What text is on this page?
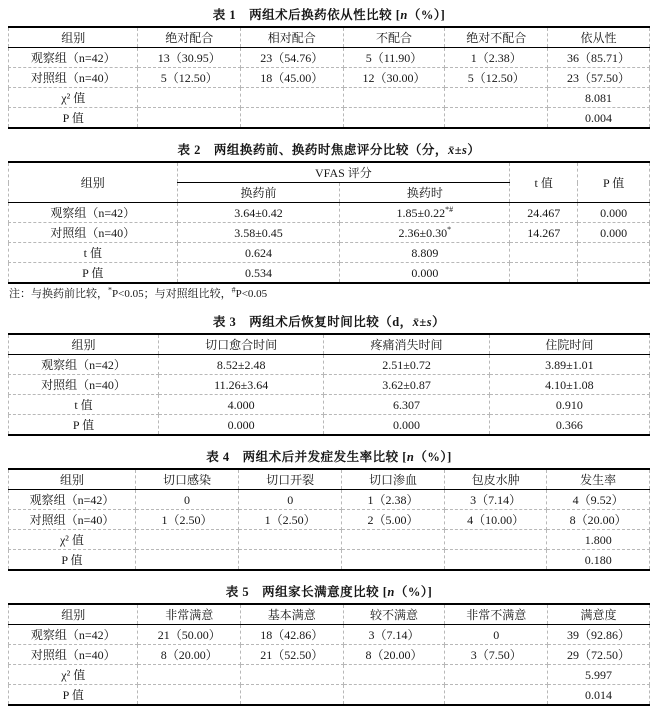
表 1　两组术后换药依从性比较 [n（%）]
组别	绝对配合	相对配合	不配合	绝对不配合	依从性
观察组（n=42）	13（30.95）	23（54.76）	5（11.90）	1（2.38）	36（85.71）
对照组（n=40）	5（12.50）	18（45.00）	12（30.00）	5（12.50）	23（57.50）
χ² 值					8.081
P 值					0.004
表 2　两组换药前、换药时焦虑评分比较（分，x̄±s）
组别	VFAS 评分		t 值	P 值
	换药前	换药时		
观察组（n=42）	3.64±0.42	1.85±0.22*#	24.467	0.000
对照组（n=40）	3.58±0.45	2.36±0.30*	14.267	0.000
t 值	0.624	8.809		
P 值	0.534	0.000		

注：与换药前比较，*P<0.05；与对照组比较，#P<0.05

表 3　两组术后恢复时间比较（d，x̄±s）
组别	切口愈合时间	疼痛消失时间	住院时间
观察组（n=42）	8.52±2.48	2.51±0.72	3.89±1.01
对照组（n=40）	11.26±3.64	3.62±0.87	4.10±1.08
t 值	4.000	6.307	0.910
P 值	0.000	0.000	0.366
表 4　两组术后并发症发生率比较 [n（%）]
组别	切口感染	切口开裂	切口渗血	包皮水肿	发生率
观察组（n=42）	0	0	1（2.38）	3（7.14）	4（9.52）
对照组（n=40）	1（2.50）	1（2.50）	2（5.00）	4（10.00）	8（20.00）
χ² 值					1.800
P 值					0.180
表 5　两组家长满意度比较 [n（%）]
组别	非常满意	基本满意	较不满意	非常不满意	满意度
观察组（n=42）	21（50.00）	18（42.86）	3（7.14）	0	39（92.86）
对照组（n=40）	8（20.00）	21（52.50）	8（20.00）	3（7.50）	29（72.50）
χ² 值					5.997
P 值					0.014
